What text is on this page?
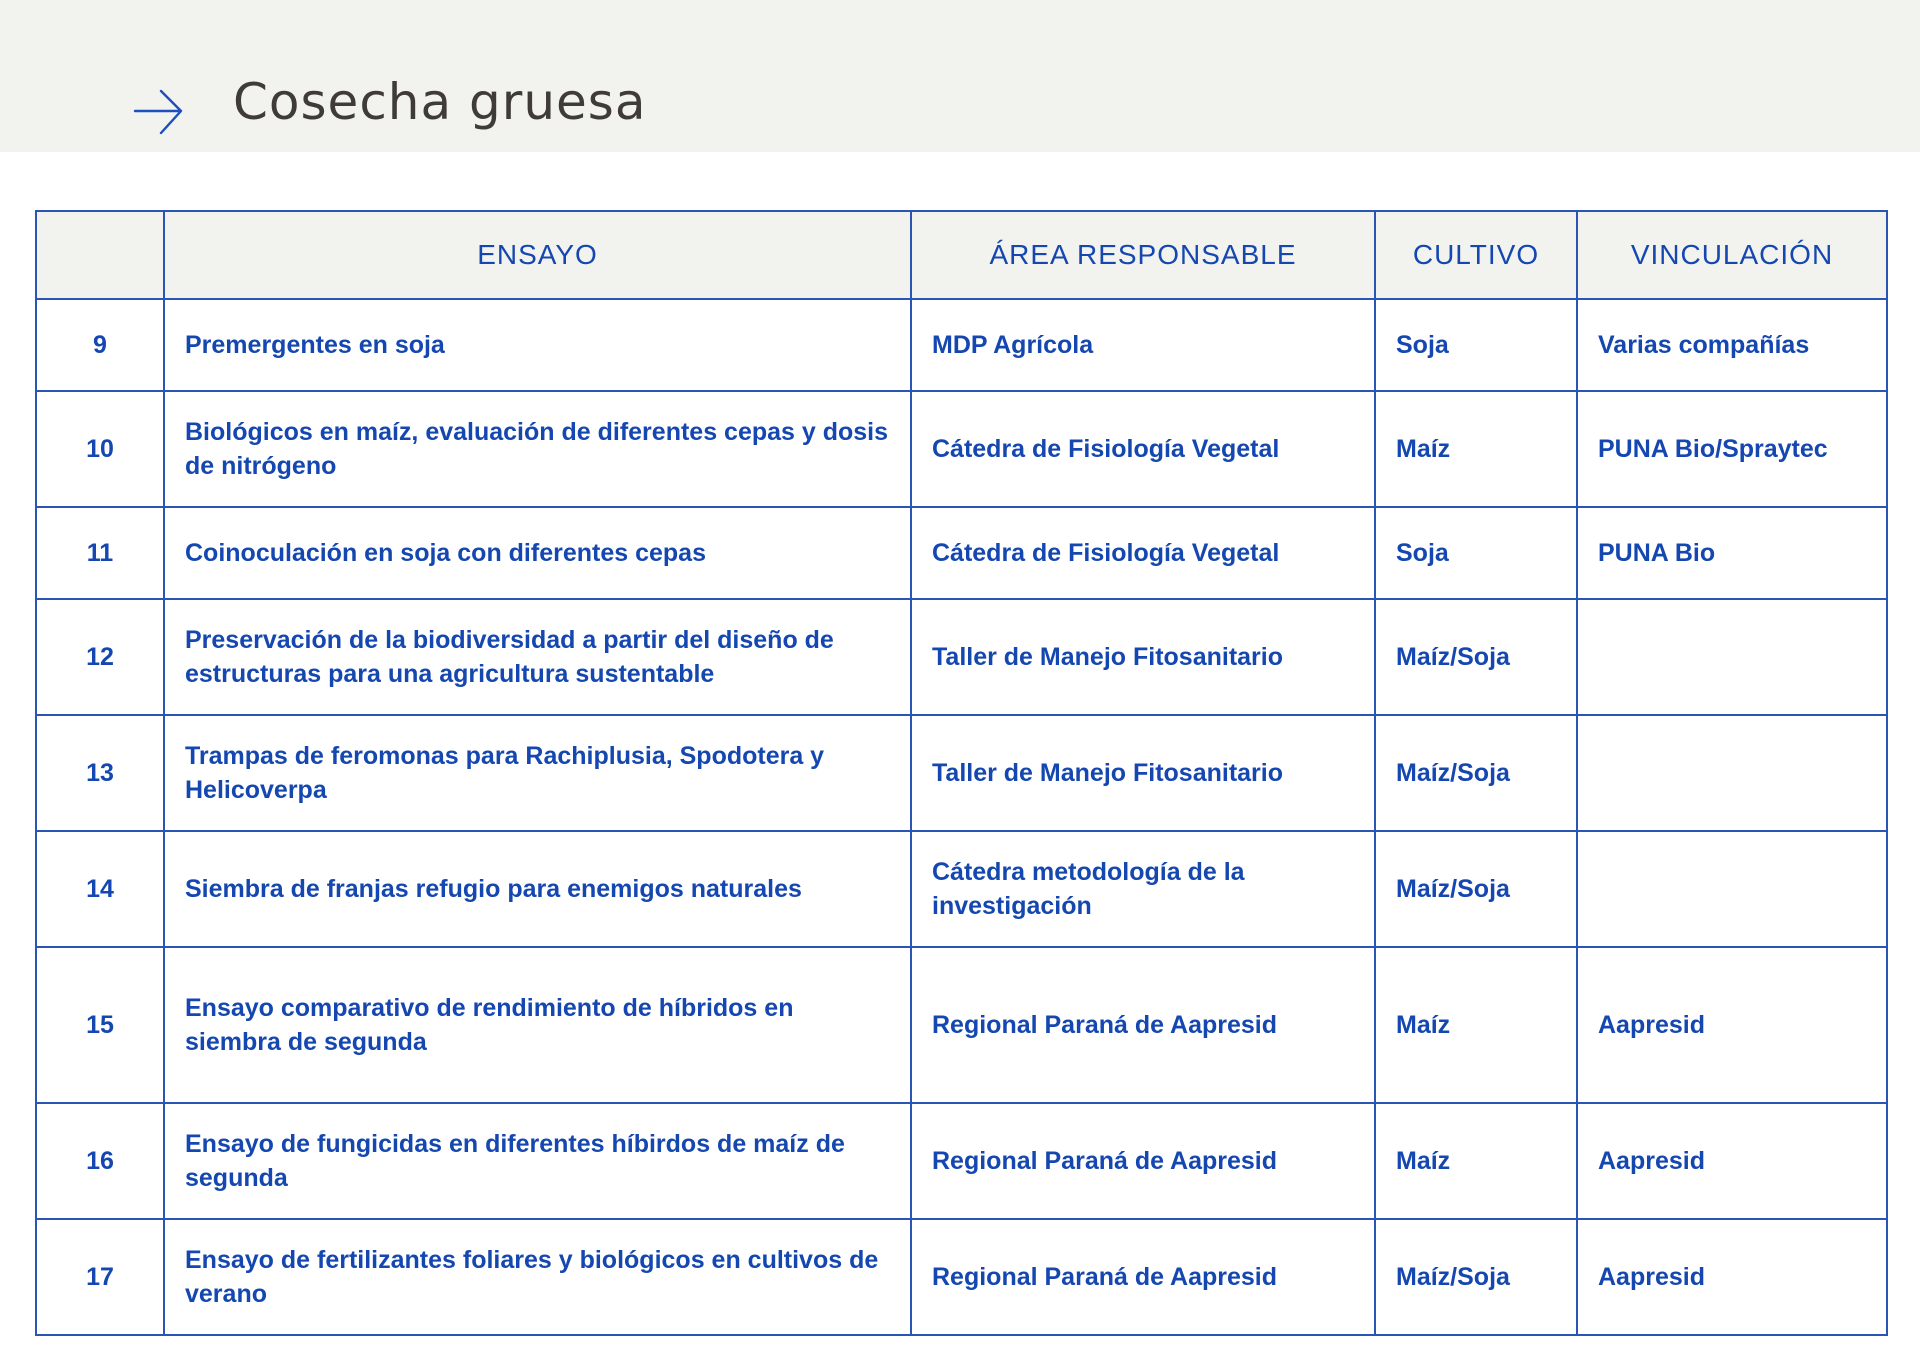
Cosecha gruesa
	ENSAYO	ÁREA RESPONSABLE	CULTIVO	VINCULACIÓN
9	Premergentes en soja	MDP Agrícola	Soja	Varias compañías
10	Biológicos en maíz, evaluación de diferentes cepas y dosis de nitrógeno	Cátedra de Fisiología Vegetal	Maíz	PUNA Bio/Spraytec
11	Coinoculación en soja con diferentes cepas	Cátedra de Fisiología Vegetal	Soja	PUNA Bio
12	Preservación de la biodiversidad a partir del diseño de estructuras para una agricultura sustentable	Taller de Manejo Fitosanitario	Maíz/Soja	
13	Trampas de feromonas para Rachiplusia, Spodotera y Helicoverpa	Taller de Manejo Fitosanitario	Maíz/Soja	
14	Siembra de franjas refugio para enemigos naturales	Cátedra metodología de la investigación	Maíz/Soja	
15	Ensayo comparativo de rendimiento de híbridos en siembra de segunda	Regional Paraná de Aapresid	Maíz	Aapresid
16	Ensayo de fungicidas en diferentes híbirdos de maíz de segunda	Regional Paraná de Aapresid	Maíz	Aapresid
17	Ensayo de fertilizantes foliares y biológicos en cultivos de verano	Regional Paraná de Aapresid	Maíz/Soja	Aapresid
